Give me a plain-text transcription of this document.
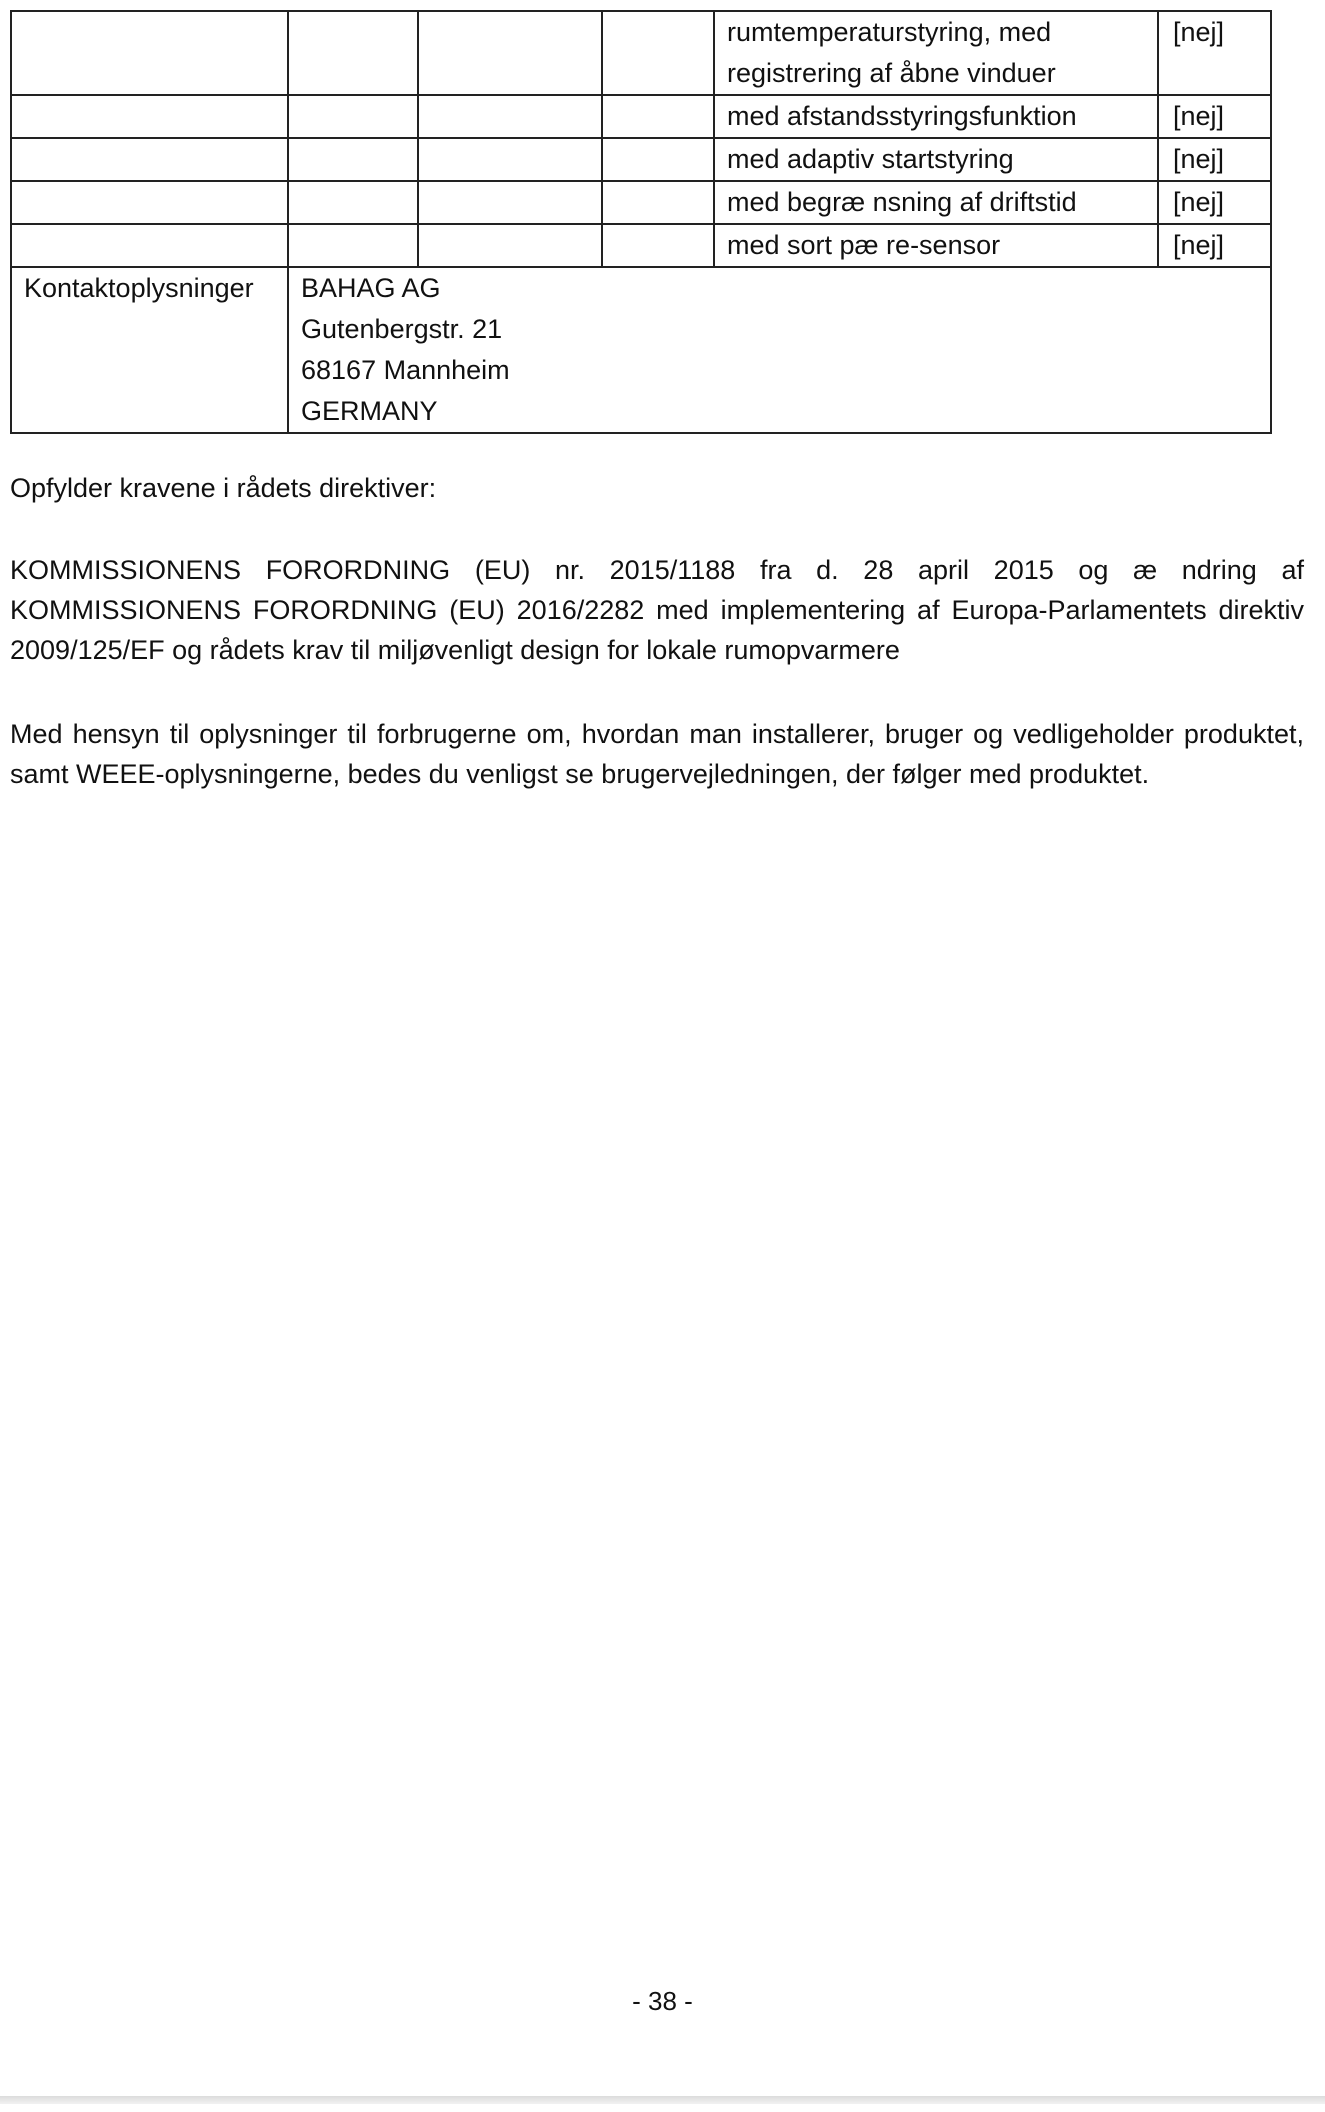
				rumtemperaturstyring, med registrering af åbne vinduer	[nej]
				med afstandsstyringsfunktion	[nej]
				med adaptiv startstyring	[nej]
				med begræ nsning af driftstid	[nej]
				med sort pæ re-sensor	[nej]
Kontaktoplysninger	BAHAG AG
Gutenbergstr. 21
68167 Mannheim
GERMANY				

Opfylder kravene i rådets direktiver:

KOMMISSIONENS FORORDNING (EU) nr. 2015/1188 fra d. 28 april 2015 og æ ndring af KOMMISSIONENS FORORDNING (EU) 2016/2282 med implementering af Europa-Parlamentets direktiv 2009/125/EF og rådets krav til miljøvenligt design for lokale rumopvarmere

Med hensyn til oplysninger til forbrugerne om, hvordan man installerer, bruger og vedligeholder produktet, samt WEEE-oplysningerne, bedes du venligst se brugervejledningen, der følger med produktet.

- 38 -
